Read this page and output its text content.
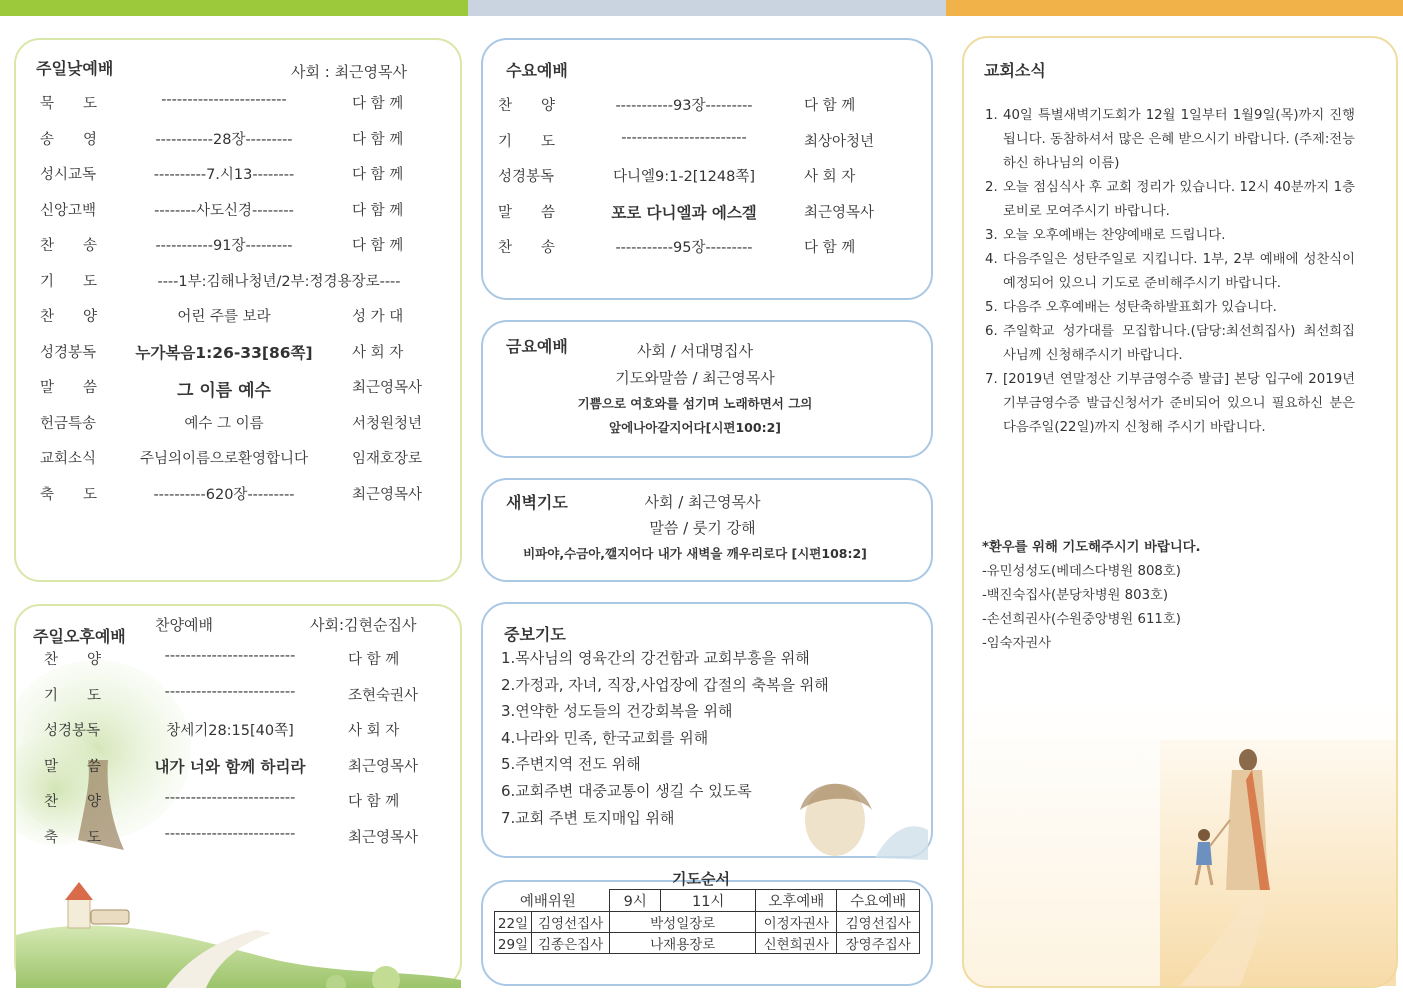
주일낮예배	사회 : 최근영목사
묵　　도	------------------------	다 함 께
송　　영	-----------28장---------	다 함 께
성시교독	----------7.시13--------	다 함 께
신앙고백	--------사도신경--------	다 함 께
찬　　송	-----------91장---------	다 함 께
기　　도	----1부:김해나청년/2부:정경용장로----
찬　　양	어린 주를 보라	성 가 대
성경봉독	누가복음1:26-33[86쪽]	사 회 자
말　　씀	그 이름 예수	최근영목사
헌금특송	예수 그 이름	서청원청년
교회소식	주님의이름으로환영합니다	임재호장로
축　　도	----------620장---------	최근영목사
주일오후예배
찬양예배	사회:김현순집사
찬　　양	-------------------------	다 함 께
기　　도	-------------------------	조현숙권사
성경봉독	창세기28:15[40쪽]	사 회 자
말　　씀	내가 너와 함께 하리라	최근영목사
찬　　양	-------------------------	다 함 께
축　　도	-------------------------	최근영목사
수요예배
찬　　양	-----------93장---------	다 함 께
기　　도	------------------------	최상아청년
성경봉독	다니엘9:1-2[1248쪽]	사 회 자
말　　씀	포로 다니엘과 에스겔	최근영목사
찬　　송	-----------95장---------	다 함 께
금요예배	사회 / 서대명집사
기도와말씀 / 최근영목사
기쁨으로 여호와를 섬기며 노래하면서 그의
앞에나아갈지어다[시편100:2]
새벽기도	사회 / 최근영목사
말씀 / 룻기 강해
비파야,수금아,깰지어다 내가 새벽을 깨우리로다 [시편108:2]
중보기도
1.목사님의 영육간의 강건함과 교회부흥을 위해
2.가정과, 자녀, 직장,사업장에 갑절의 축복을 위해
3.연약한 성도들의 건강회복을 위해
4.나라와 민족, 한국교회를 위해
5.주변지역 전도 위해
6.교회주변 대중교통이 생길 수 있도록
7.교회 주변 토지매입 위해
기도순서
예배위원	9시	11시	오후예배	수요예배
22일 김영선집사	박성일장로		이정자권사	김영선집사
29일 김종은집사	나재용장로		신현희권사	장영주집사
교회소식
1. 40일 특별새벽기도회가 12월 1일부터 1월9일(목)까지 진행됩니다. 동참하셔서 많은 은혜 받으시기 바랍니다. (주제:전능하신 하나님의 이름)
2. 오늘 점심식사 후 교회 정리가 있습니다. 12시 40분까지 1층 로비로 모여주시기 바랍니다.
3. 오늘 오후예배는 찬양예배로 드립니다.
4. 다음주일은 성탄주일로 지킵니다. 1부, 2부 예배에 성찬식이 예정되어 있으니 기도로 준비해주시기 바랍니다.
5. 다음주 오후예배는 성탄축하발표회가 있습니다.
6. 주일학교 성가대를 모집합니다.(담당:최선희집사) 최선희집사님께 신청해주시기 바랍니다.
7. [2019년 연말정산 기부금영수증 발급] 본당 입구에 2019년 기부금영수증 발급신청서가 준비되어 있으니 필요하신 분은 다음주일(22일)까지 신청해 주시기 바랍니다.
*환우를 위해 기도해주시기 바랍니다.
-유민성성도(베데스다병원 808호)
-백진숙집사(분당차병원 803호)
-손선희권사(수원중앙병원 611호)
-임숙자권사
